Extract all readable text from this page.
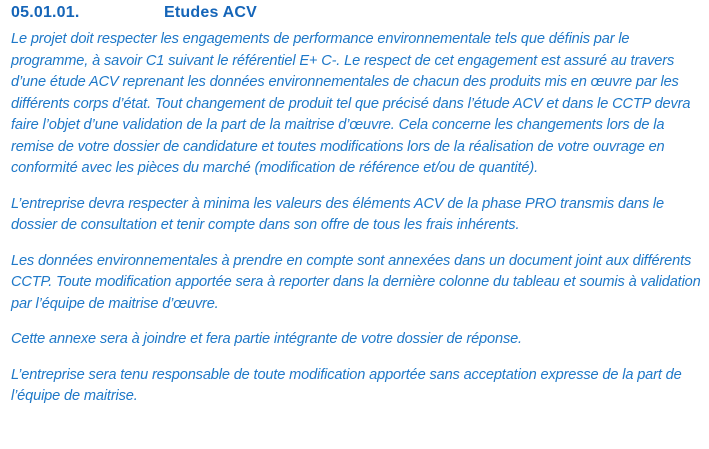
05.01.01.	Etudes ACV

Le projet doit respecter les engagements de performance environnementale tels que définis par le programme, à savoir C1 suivant le référentiel E+ C-. Le respect de cet engagement est assuré au travers d’une étude ACV reprenant les données environnementales de chacun des produits mis en œuvre par les différents corps d’état. Tout changement de produit tel que précisé dans l’étude ACV et dans le CCTP devra faire l’objet d’une validation de la part de la maitrise d’œuvre. Cela concerne les changements lors de la remise de votre dossier de candidature et toutes modifications lors de la réalisation de votre ouvrage en conformité avec les pièces du marché (modification de référence et/ou de quantité).

L’entreprise devra respecter à minima les valeurs des éléments ACV de la phase PRO transmis dans le dossier de consultation et tenir compte dans son offre de tous les frais inhérents.

Les données environnementales à prendre en compte sont annexées dans un document joint aux différents CCTP. Toute modification apportée sera à reporter dans la dernière colonne du tableau et soumis à validation par l’équipe de maitrise d’œuvre.

Cette annexe sera à joindre et fera partie intégrante de votre dossier de réponse.

L’entreprise sera tenu responsable de toute modification apportée sans acceptation expresse de la part de l’équipe de maitrise.
